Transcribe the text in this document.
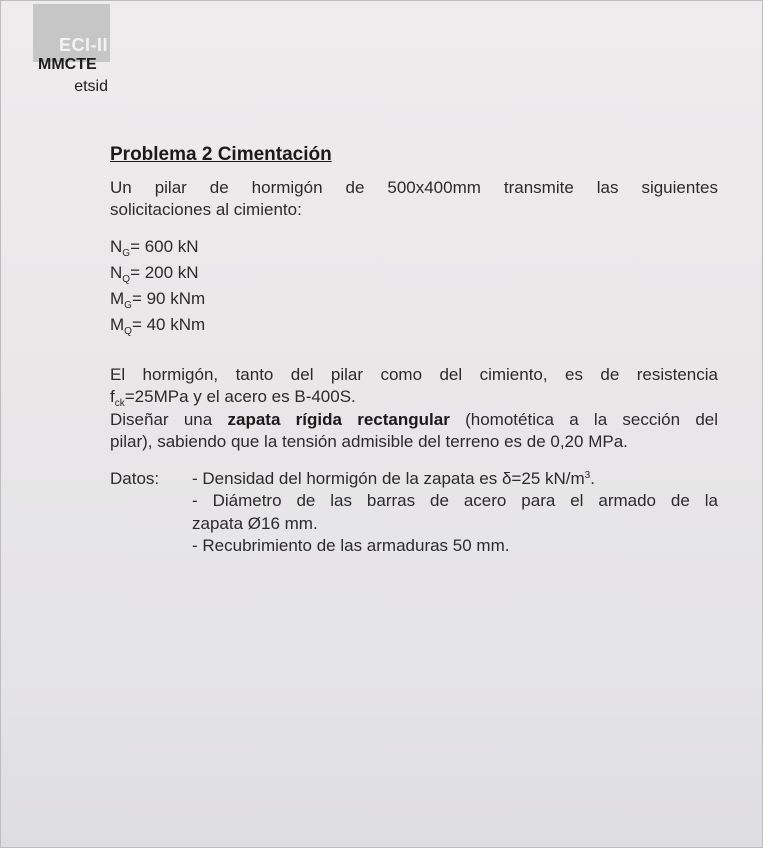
ECI-II
MMCTE
etsid
Problema 2 Cimentación

Un pilar de hormigón de 500x400mm transmite las siguientes

solicitaciones al cimiento:

$N_G= 600$ kN
$N_Q= 200$ kN
$M_G= 90$ kNm
$M_Q= 40$ kNm

El hormigón, tanto del pilar como del cimiento, es de resistencia

$f_{ck}=25MPa$ y el acero es B-400S.

Diseñar una zapata rígida rectangular (homotética a la sección del

pilar), sabiendo que la tensión admisible del terreno es de 0,20 MPa.

Datos: - Densidad del hormigón de la zapata es δ=25 $kN/m^3$.
- Diámetro de las barras de acero para el armado de la
zapata Ø16 mm.
- Recubrimiento de las armaduras 50 mm.
